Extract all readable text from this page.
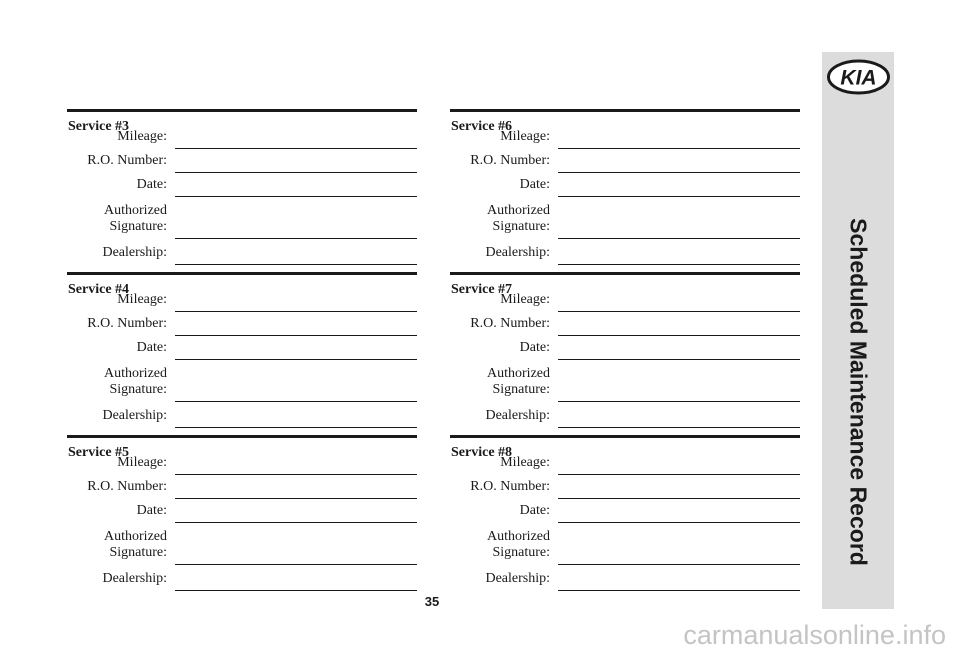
Service #3
Mileage:
R.O. Number:
Date:
Authorized Signature:
Dealership:
Service #4
Mileage:
R.O. Number:
Date:
Authorized Signature:
Dealership:
Service #5
Mileage:
R.O. Number:
Date:
Authorized Signature:
Dealership:
Service #6
Mileage:
R.O. Number:
Date:
Authorized Signature:
Dealership:
Service #7
Mileage:
R.O. Number:
Date:
Authorized Signature:
Dealership:
Service #8
Mileage:
R.O. Number:
Date:
Authorized Signature:
Dealership:
KIA
Scheduled Maintenance Record
35
carmanualsonline.info
